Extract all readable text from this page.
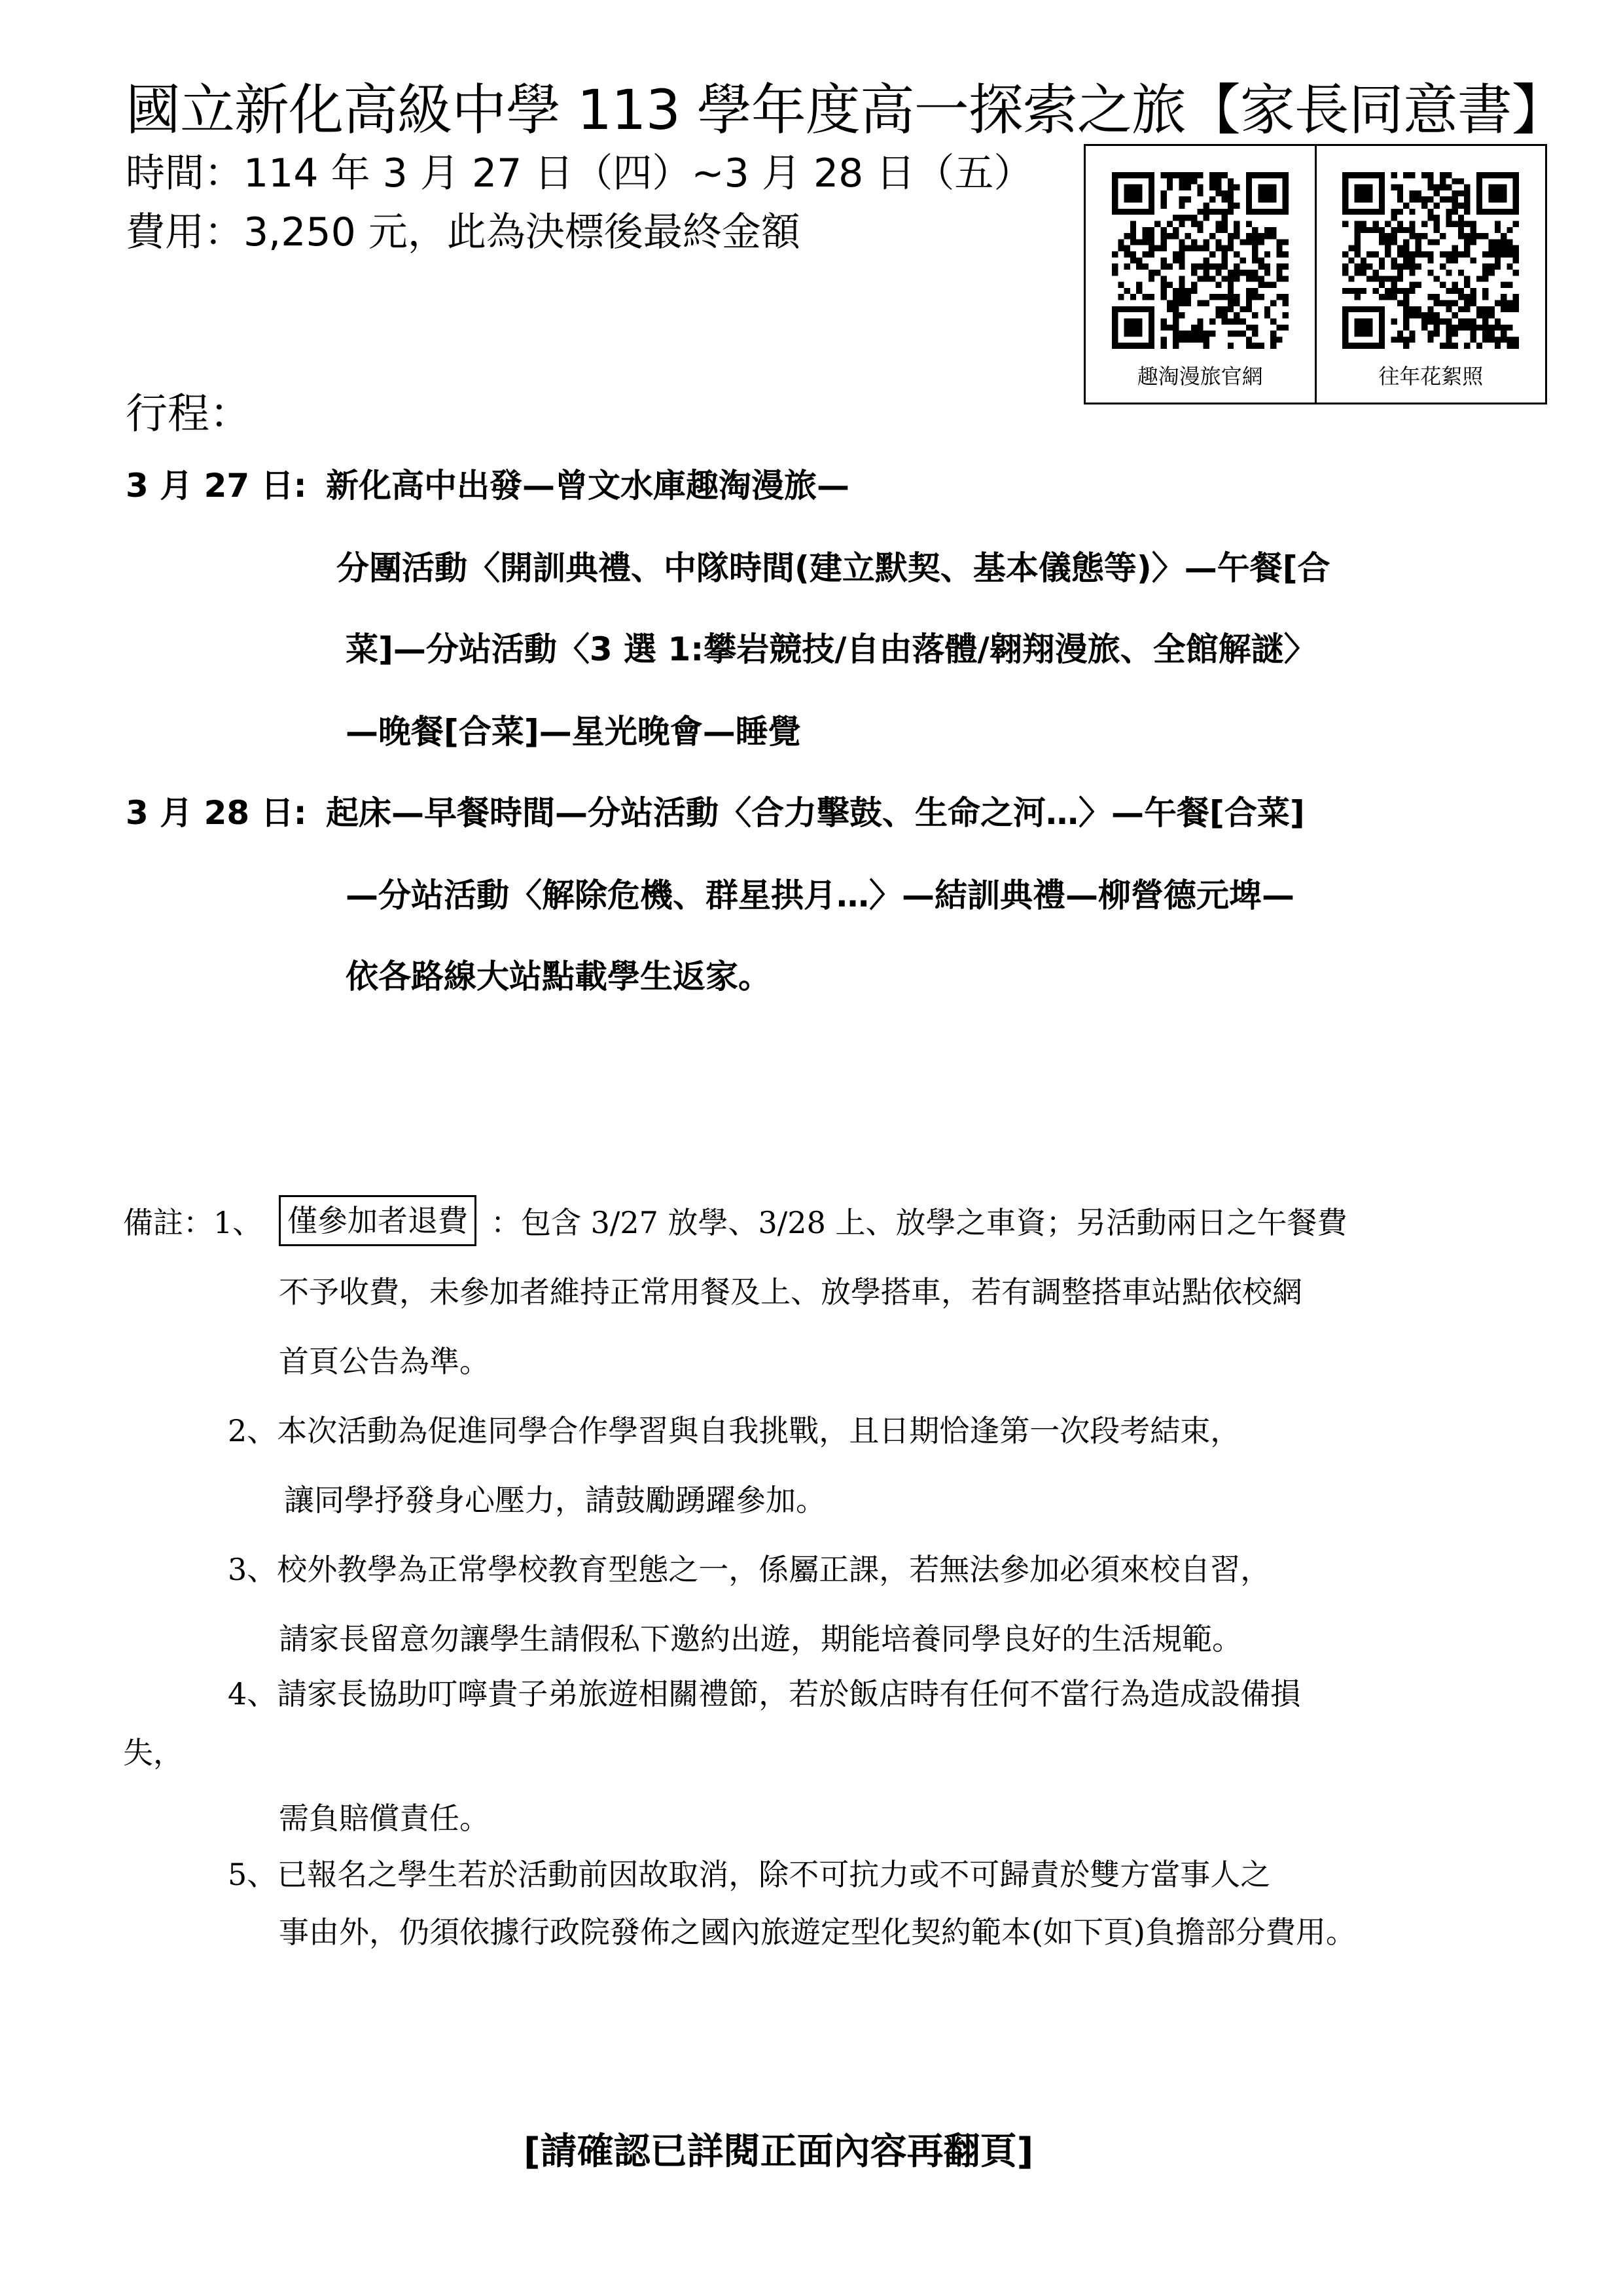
國立新化高級中學 113 學年度高一探索之旅【家長同意書】
時間：114 年 3 月 27 日（四）~3 月 28 日（五）
費用：3,250 元，此為決標後最終金額
行程：
趣淘漫旅官網	往年花絮照
3 月 27 日: 新化高中出發—曾文水庫趣淘漫旅—
分團活動〈開訓典禮、中隊時間(建立默契、基本儀態等)〉—午餐[合
菜]—分站活動〈3 選 1:攀岩競技/自由落體/翱翔漫旅、全館解謎〉
—晚餐[合菜]—星光晚會—睡覺
3 月 28 日: 起床—早餐時間—分站活動〈合力擊鼓、生命之河…〉—午餐[合菜]
—分站活動〈解除危機、群星拱月…〉—結訓典禮—柳營德元埤—
依各路線大站點載學生返家。
備註：1、 僅參加者退費 ：包含 3/27 放學、3/28 上、放學之車資；另活動兩日之午餐費
不予收費，未參加者維持正常用餐及上、放學搭車，若有調整搭車站點依校網
首頁公告為準。
2、本次活動為促進同學合作學習與自我挑戰，且日期恰逢第一次段考結束，
讓同學抒發身心壓力，請鼓勵踴躍參加。
3、校外教學為正常學校教育型態之一，係屬正課，若無法參加必須來校自習，
請家長留意勿讓學生請假私下邀約出遊，期能培養同學良好的生活規範。
4、請家長協助叮嚀貴子弟旅遊相關禮節，若於飯店時有任何不當行為造成設備損
失，
需負賠償責任。
5、已報名之學生若於活動前因故取消，除不可抗力或不可歸責於雙方當事人之
事由外，仍須依據行政院發佈之國內旅遊定型化契約範本(如下頁)負擔部分費用。
[請確認已詳閱正面內容再翻頁]
